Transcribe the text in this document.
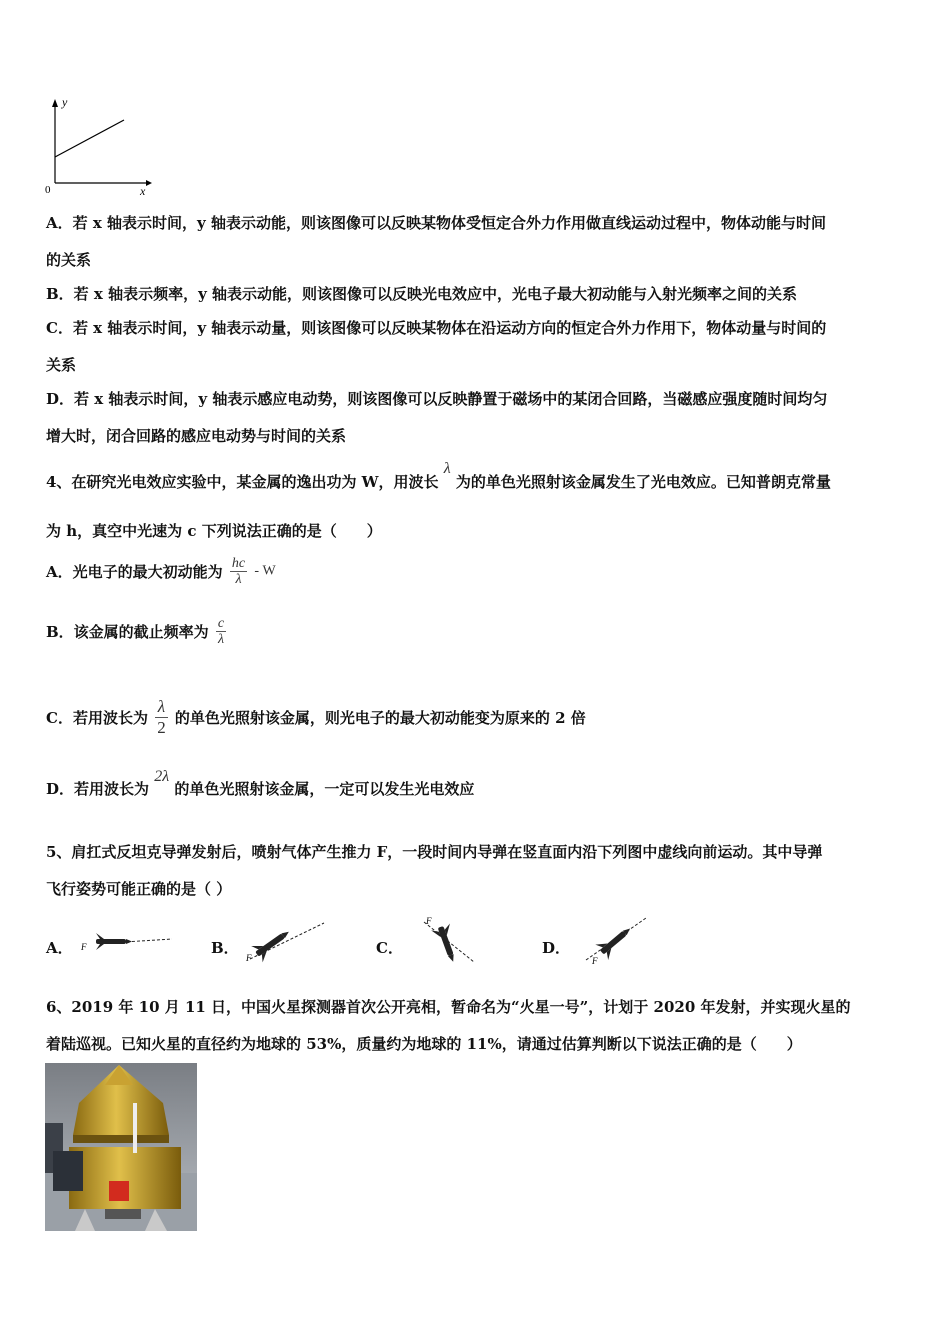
y
x
0
A．若 x 轴表示时间，y 轴表示动能，则该图像可以反映某物体受恒定合外力作用做直线运动过程中，物体动能与时间
的关系
B．若 x 轴表示频率，y 轴表示动能，则该图像可以反映光电效应中，光电子最大初动能与入射光频率之间的关系
C．若 x 轴表示时间，y 轴表示动量，则该图像可以反映某物体在沿运动方向的恒定合外力作用下，物体动量与时间的
关系
D．若 x 轴表示时间，y 轴表示感应电动势，则该图像可以反映静置于磁场中的某闭合回路，当磁感应强度随时间均匀
增大时，闭合回路的感应电动势与时间的关系
4、在研究光电效应实验中，某金属的逸出功为 W，用波长 λ 为的单色光照射该金属发生了光电效应。已知普朗克常量
为 h，真空中光速为 c 下列说法正确的是（　　）
A．光电子的最大初动能为 $\frac{hc}{\lambda}$ - W
B．该金属的截止频率为 $\frac{c}{\lambda}$
C．若用波长为 $\frac{\lambda}{2}$ 的单色光照射该金属，则光电子的最大初动能变为原来的 2 倍
D．若用波长为 2λ 的单色光照射该金属，一定可以发生光电效应
5、肩扛式反坦克导弹发射后，喷射气体产生推力 F，一段时间内导弹在竖直面内沿下列图中虚线向前运动。其中导弹
飞行姿势可能正确的是（ ）
A． F	B．
F
C．
F
D．
F
6、2019 年 10 月 11 日，中国火星探测器首次公开亮相，暂命名为“火星一号”，计划于 2020 年发射，并实现火星的
着陆巡视。已知火星的直径约为地球的 53%，质量约为地球的 11%，请通过估算判断以下说法正确的是（　　）
